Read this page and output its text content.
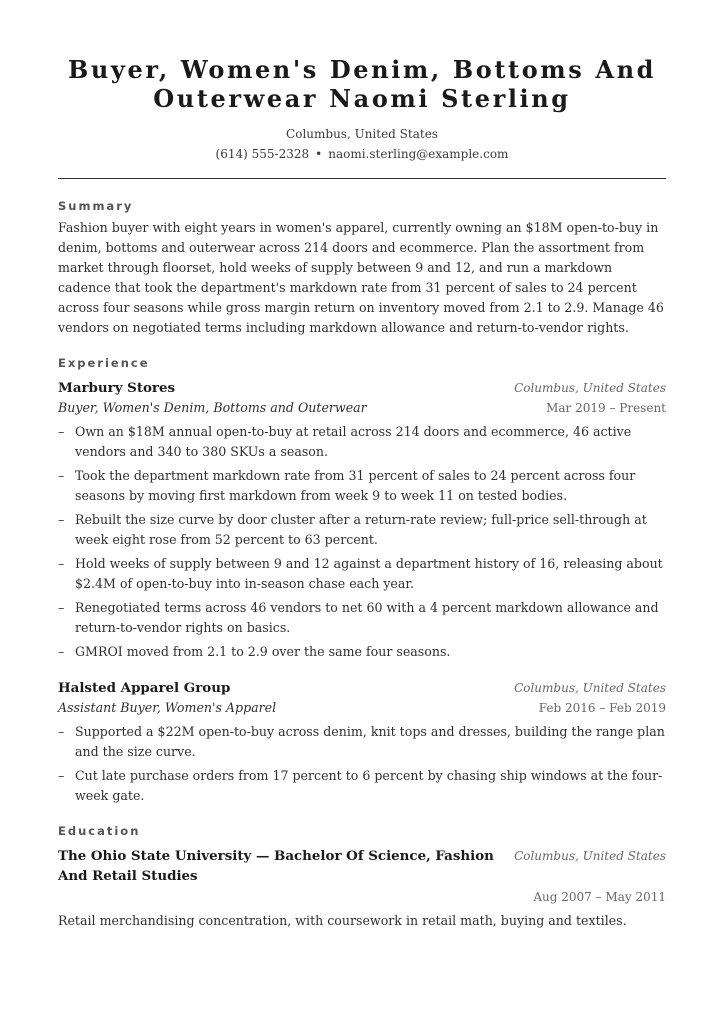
Buyer, Women's Denim, Bottoms And Outerwear Naomi Sterling
Columbus, United States
(614) 555-2328 • naomi.sterling@example.com
Summary

Fashion buyer with eight years in women's apparel, currently owning an $18M open-to-buy in denim, bottoms and outerwear across 214 doors and ecommerce. Plan the assortment from market through floorset, hold weeks of supply between 9 and 12, and run a markdown cadence that took the department's markdown rate from 31 percent of sales to 24 percent across four seasons while gross margin return on inventory moved from 2.1 to 2.9. Manage 46 vendors on negotiated terms including markdown allowance and return-to-vendor rights.

Experience
Marbury Stores	Columbus, United States
Buyer, Women's Denim, Bottoms and Outerwear	Mar 2019 – Present
– Own an $18M annual open-to-buy at retail across 214 doors and ecommerce, 46 active vendors and 340 to 380 SKUs a season.
– Took the department markdown rate from 31 percent of sales to 24 percent across four seasons by moving first markdown from week 9 to week 11 on tested bodies.
– Rebuilt the size curve by door cluster after a return-rate review; full-price sell-through at week eight rose from 52 percent to 63 percent.
– Hold weeks of supply between 9 and 12 against a department history of 16, releasing about $2.4M of open-to-buy into in-season chase each year.
– Renegotiated terms across 46 vendors to net 60 with a 4 percent markdown allowance and return-to-vendor rights on basics.
– GMROI moved from 2.1 to 2.9 over the same four seasons.
Halsted Apparel Group	Columbus, United States
Assistant Buyer, Women's Apparel	Feb 2016 – Feb 2019
– Supported a $22M open-to-buy across denim, knit tops and dresses, building the range plan and the size curve.
– Cut late purchase orders from 17 percent to 6 percent by chasing ship windows at the four-week gate.
Education
The Ohio State University — Bachelor Of Science, Fashion And Retail Studies
Columbus, United States
Aug 2007 – May 2011
Retail merchandising concentration, with coursework in retail math, buying and textiles.
